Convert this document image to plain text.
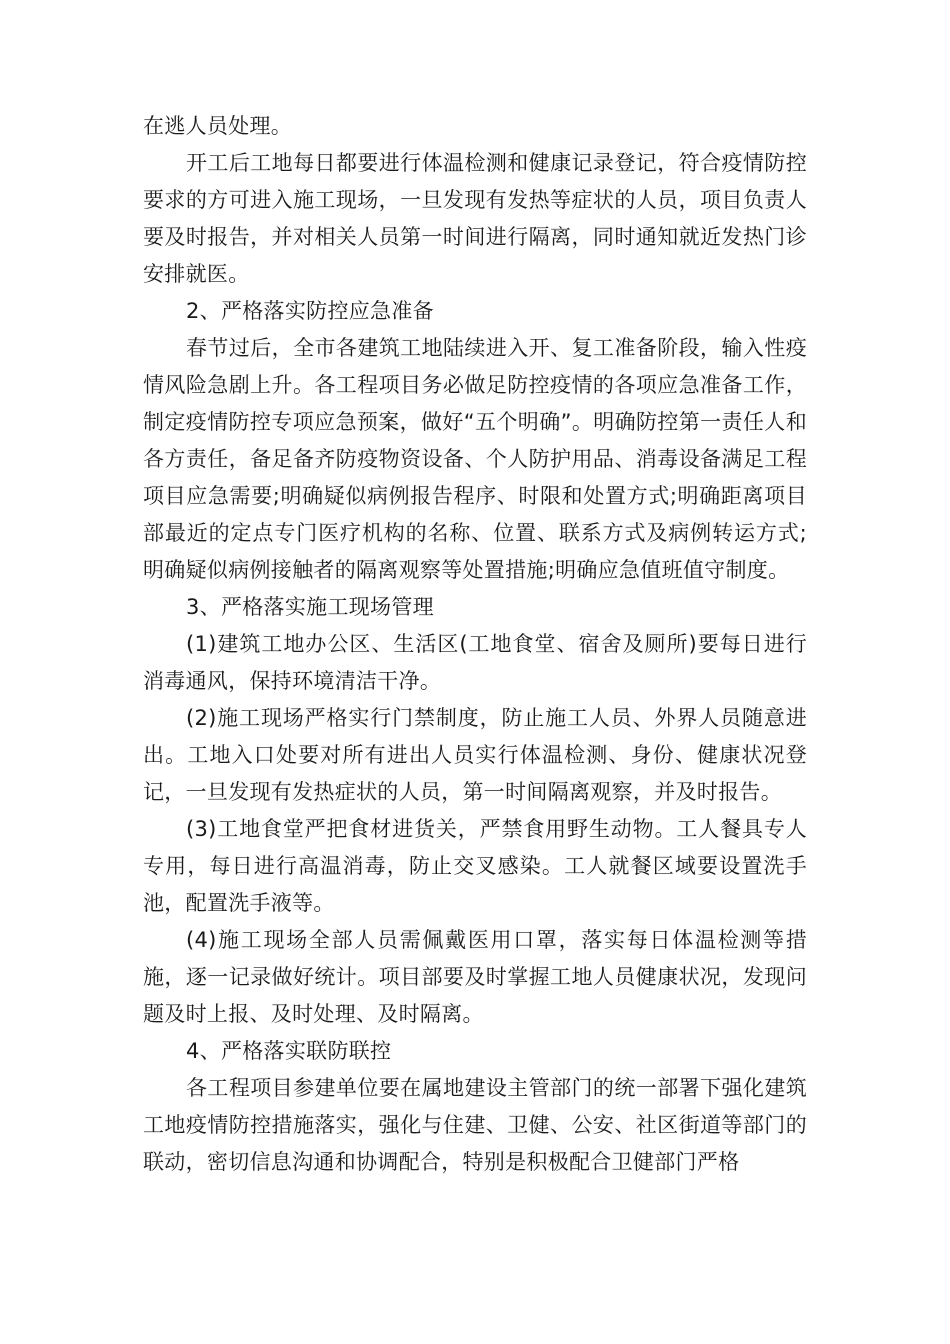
在逃人员处理。

开工后工地每日都要进行体温检测和健康记录登记，符合疫情防控要求的方可进入施工现场，一旦发现有发热等症状的人员，项目负责人要及时报告，并对相关人员第一时间进行隔离，同时通知就近发热门诊安排就医。

2、严格落实防控应急准备

春节过后，全市各建筑工地陆续进入开、复工准备阶段，输入性疫情风险急剧上升。各工程项目务必做足防控疫情的各项应急准备工作，制定疫情防控专项应急预案，做好“五个明确”。明确防控第一责任人和各方责任，备足备齐防疫物资设备、个人防护用品、消毒设备满足工程项目应急需要;明确疑似病例报告程序、时限和处置方式;明确距离项目部最近的定点专门医疗机构的名称、位置、联系方式及病例转运方式;明确疑似病例接触者的隔离观察等处置措施;明确应急值班值守制度。

3、严格落实施工现场管理

(1)建筑工地办公区、生活区(工地食堂、宿舍及厕所)要每日进行消毒通风，保持环境清洁干净。

(2)施工现场严格实行门禁制度，防止施工人员、外界人员随意进出。工地入口处要对所有进出人员实行体温检测、身份、健康状况登记，一旦发现有发热症状的人员，第一时间隔离观察，并及时报告。

(3)工地食堂严把食材进货关，严禁食用野生动物。工人餐具专人专用，每日进行高温消毒，防止交叉感染。工人就餐区域要设置洗手池，配置洗手液等。

(4)施工现场全部人员需佩戴医用口罩，落实每日体温检测等措施，逐一记录做好统计。项目部要及时掌握工地人员健康状况，发现问题及时上报、及时处理、及时隔离。

4、严格落实联防联控

各工程项目参建单位要在属地建设主管部门的统一部署下强化建筑工地疫情防控措施落实，强化与住建、卫健、公安、社区街道等部门的联动，密切信息沟通和协调配合，特别是积极配合卫健部门严格
